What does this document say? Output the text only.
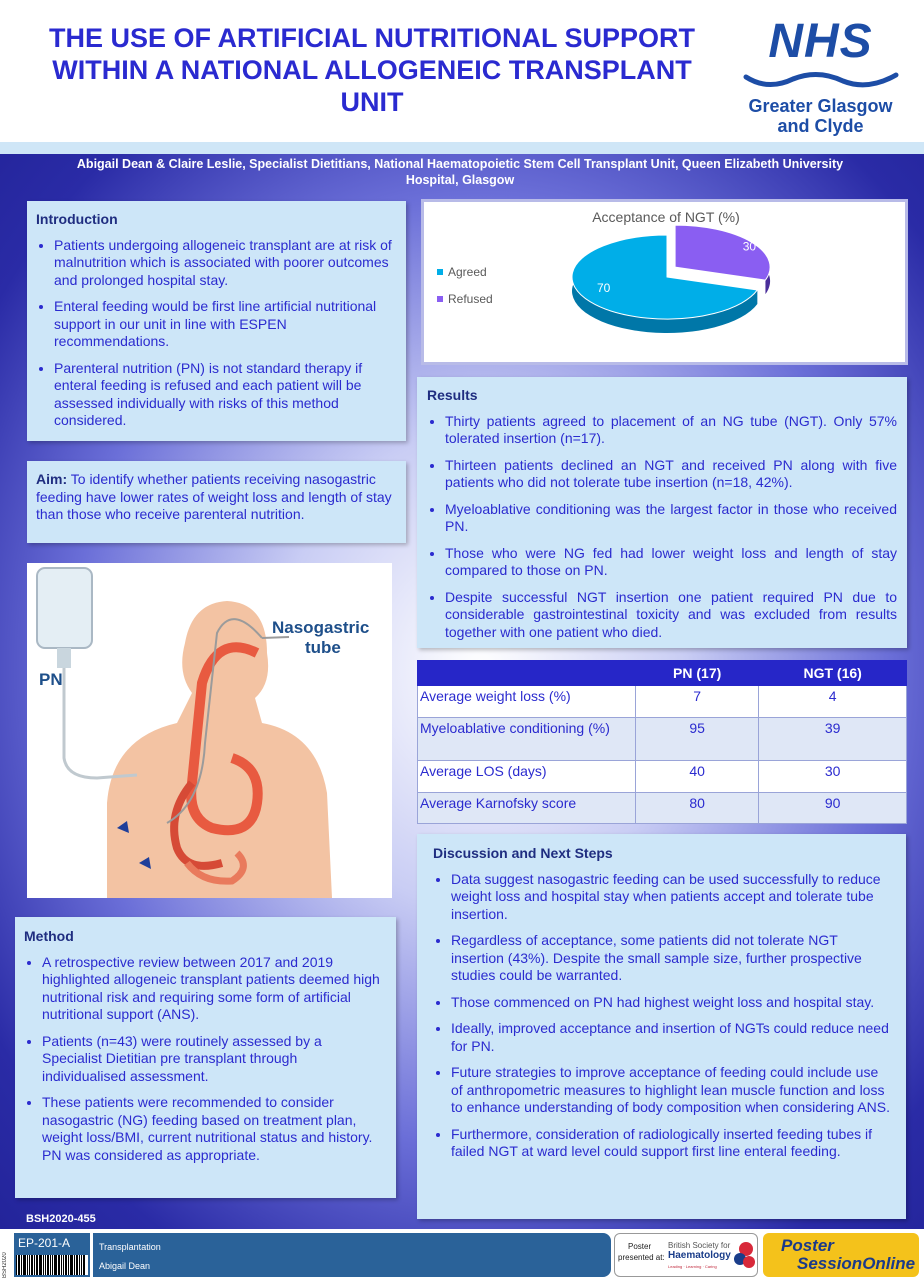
THE USE OF ARTIFICIAL NUTRITIONAL SUPPORT WITHIN A NATIONAL ALLOGENEIC TRANSPLANT UNIT
NHS
Greater Glasgow
and Clyde
Abigail Dean & Claire Leslie, Specialist Dietitians, National Haematopoietic Stem Cell Transplant Unit, Queen Elizabeth University Hospital, Glasgow
Introduction
• Patients undergoing allogeneic transplant are at risk of malnutrition which is associated with poorer outcomes and prolonged hospital stay.
• Enteral feeding would be first line artificial nutritional support in our unit in line with ESPEN recommendations.
• Parenteral nutrition (PN) is not standard therapy if enteral feeding is refused and each patient will be assessed individually with risks of this method considered.
Aim: To identify whether patients receiving nasogastric feeding have lower rates of weight loss and length of stay than those who receive parenteral nutrition.
PN
Nasogastric
tube
Method
• A retrospective review between 2017 and 2019 highlighted allogeneic transplant patients deemed high nutritional risk and requiring some form of artificial nutritional support (ANS).
• Patients (n=43) were routinely assessed by a Specialist Dietitian pre transplant through individualised assessment.
• These patients were recommended to consider nasogastric (NG) feeding based on treatment plan, weight loss/BMI, current nutritional status and history. PN was considered as appropriate.
Acceptance of NGT (%)
Agreed
Refused
70
30
Results
• Thirty patients agreed to placement of an NG tube (NGT). Only 57% tolerated insertion (n=17).
• Thirteen patients declined an NGT and received PN along with five patients who did not tolerate tube insertion (n=18, 42%).
• Myeloablative conditioning was the largest factor in those who received PN.
• Those who were NG fed had lower weight loss and length of stay compared to those on PN.
• Despite successful NGT insertion one patient required PN due to considerable gastrointestinal toxicity and was excluded from results together with one patient who died.
	PN (17)	NGT (16)
Average weight loss (%)	7	4
Myeloablative conditioning (%)	95	39
Average LOS (days)	40	30
Average Karnofsky score	80	90
Discussion and Next Steps
• Data suggest nasogastric feeding can be used successfully to reduce weight loss and hospital stay when patients accept and tolerate tube insertion.
• Regardless of acceptance, some patients did not tolerate NGT insertion (43%). Despite the small sample size, further prospective studies could be warranted.
• Those commenced on PN had highest weight loss and hospital stay.
• Ideally, improved acceptance and insertion of NGTs could reduce need for PN.
• Future strategies to improve acceptance of feeding could include use of anthropometric measures to highlight lean muscle function and loss to enhance understanding of body composition when considering ANS.
• Furthermore, consideration of radiologically inserted feeding tubes if failed NGT at ward level could support first line enteral feeding.
BSH2020-455
BSH2020
EP-201-A	Transplantation
Abigail Dean
Poster
presented at:
British Society for
Haematology
Leading · Learning · Caring
Poster
SessionOnline
